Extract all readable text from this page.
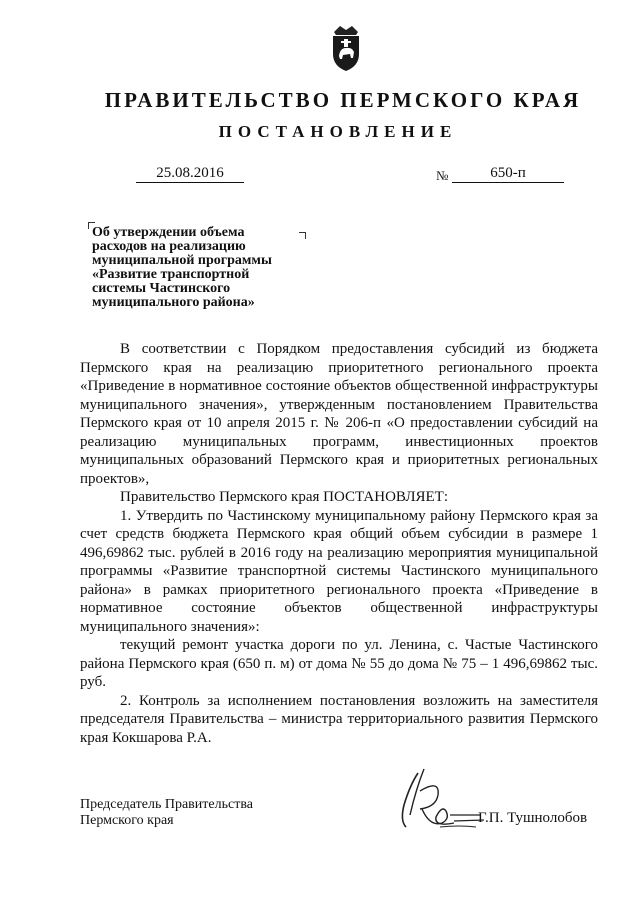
ПРАВИТЕЛЬСТВО ПЕРМСКОГО КРАЯ
ПОСТАНОВЛЕНИЕ
25.08.2016	№	650-п
Об утверждении объема
расходов на реализацию
муниципальной программы
«Развитие транспортной
системы Частинского
муниципального района»

В соответствии с Порядком предоставления субсидий из бюджета Пермского края на реализацию приоритетного регионального проекта «Приведение в нормативное состояние объектов общественной инфраструктуры муниципального значения», утвержденным постановлением Правительства Пермского края от 10 апреля 2015 г. № 206-п «О предоставлении субсидий на реализацию муниципальных программ, инвестиционных проектов муниципальных образований Пермского края и приоритетных региональных проектов»,

Правительство Пермского края ПОСТАНОВЛЯЕТ:

1. Утвердить по Частинскому муниципальному району Пермского края за счет средств бюджета Пермского края общий объем субсидии в размере 1 496,69862 тыс. рублей в 2016 году на реализацию мероприятия муниципальной программы «Развитие транспортной системы Частинского муниципального района» в рамках приоритетного регионального проекта «Приведение в нормативное состояние объектов общественной инфраструктуры муниципального значения»:

текущий ремонт участка дороги по ул. Ленина, с. Частые Частинского района Пермского края (650 п. м) от дома № 55 до дома № 75 – 1 496,69862 тыс. руб.

2. Контроль за исполнением постановления возложить на заместителя председателя Правительства – министра территориального развития Пермского края Кокшарова Р.А.

Председатель Правительства
Пермского края	Г.П. Тушнолобов
